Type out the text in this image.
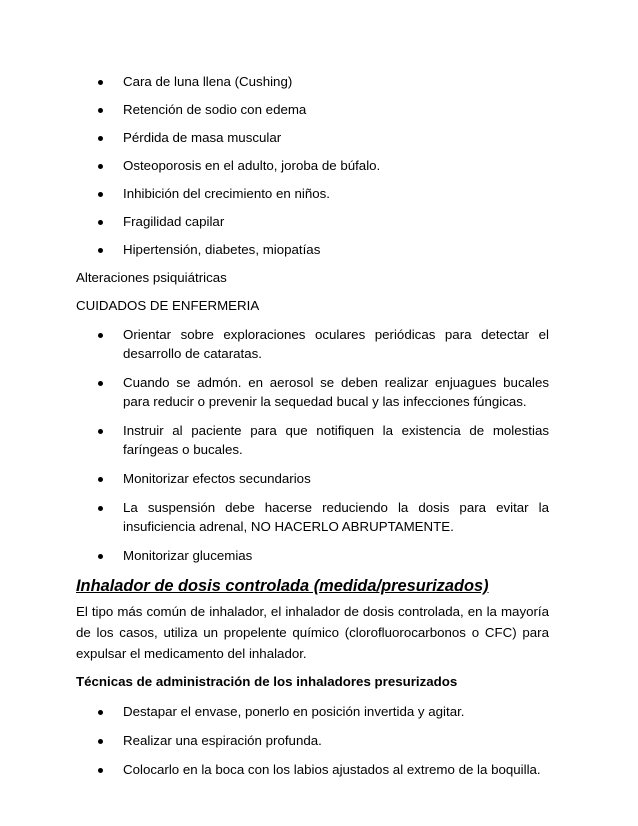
Cara de luna llena (Cushing)
Retención de sodio con edema
Pérdida de masa muscular
Osteoporosis en el adulto, joroba de búfalo.
Inhibición del crecimiento en niños.
Fragilidad capilar
Hipertensión, diabetes, miopatías

Alteraciones psiquiátricas

CUIDADOS DE ENFERMERIA

Orientar sobre exploraciones oculares periódicas para detectar el desarrollo de cataratas.
Cuando se admón. en aerosol se deben realizar enjuagues bucales para reducir o prevenir la sequedad bucal y las infecciones fúngicas.
Instruir al paciente para que notifiquen la existencia de molestias faríngeas o bucales.
Monitorizar efectos secundarios
La suspensión debe hacerse reduciendo la dosis para evitar la insuficiencia adrenal, NO HACERLO ABRUPTAMENTE.
Monitorizar glucemias
Inhalador de dosis controlada (medida/presurizados)

El tipo más común de inhalador, el inhalador de dosis controlada, en la mayoría de los casos, utiliza un propelente químico (clorofluorocarbonos o CFC) para expulsar el medicamento del inhalador.

Técnicas de administración de los inhaladores presurizados

Destapar el envase, ponerlo en posición invertida y agitar.
Realizar una espiración profunda.
Colocarlo en la boca con los labios ajustados al extremo de la boquilla.
